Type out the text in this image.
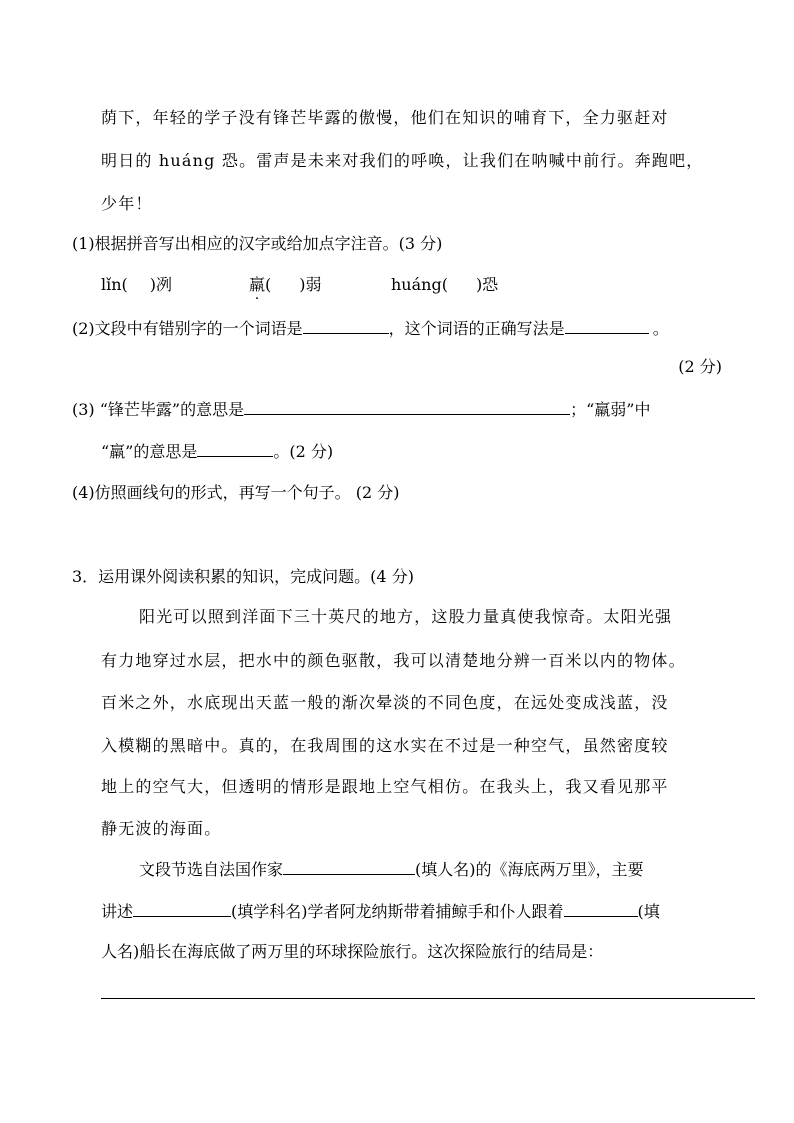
荫下，年轻的学子没有锋芒毕露的傲慢，他们在知识的哺育下，全力驱赶对
明日的 huáng 恐。雷声是未来对我们的呼唤，让我们在呐喊中前行。奔跑吧，
少年！
(1)根据拼音写出相应的汉字或给加点字注音。(3 分)
lǐn( )冽	羸( )弱	huáng( )恐
(2)文段中有错别字的一个词语是	，这个词语的正确写法是	。
(2 分)
(3) “锋芒毕露”的意思是	；“羸弱”中
“羸”的意思是	。(2 分)
(4)仿照画线句的形式，再写一个句子。 (2 分)
3．运用课外阅读积累的知识，完成问题。(4 分)
阳光可以照到洋面下三十英尺的地方，这股力量真使我惊奇。太阳光强
有力地穿过水层，把水中的颜色驱散，我可以清楚地分辨一百米以内的物体。
百米之外，水底现出天蓝一般的渐次晕淡的不同色度，在远处变成浅蓝，没
入模糊的黑暗中。真的，在我周围的这水实在不过是一种空气，虽然密度较
地上的空气大，但透明的情形是跟地上空气相仿。在我头上，我又看见那平
静无波的海面。
文段节选自法国作家	(填人名)的《海底两万里》，主要
讲述	(填学科名)学者阿龙纳斯带着捕鲸手和仆人跟着	(填
人名)船长在海底做了两万里的环球探险旅行。这次探险旅行的结局是：
